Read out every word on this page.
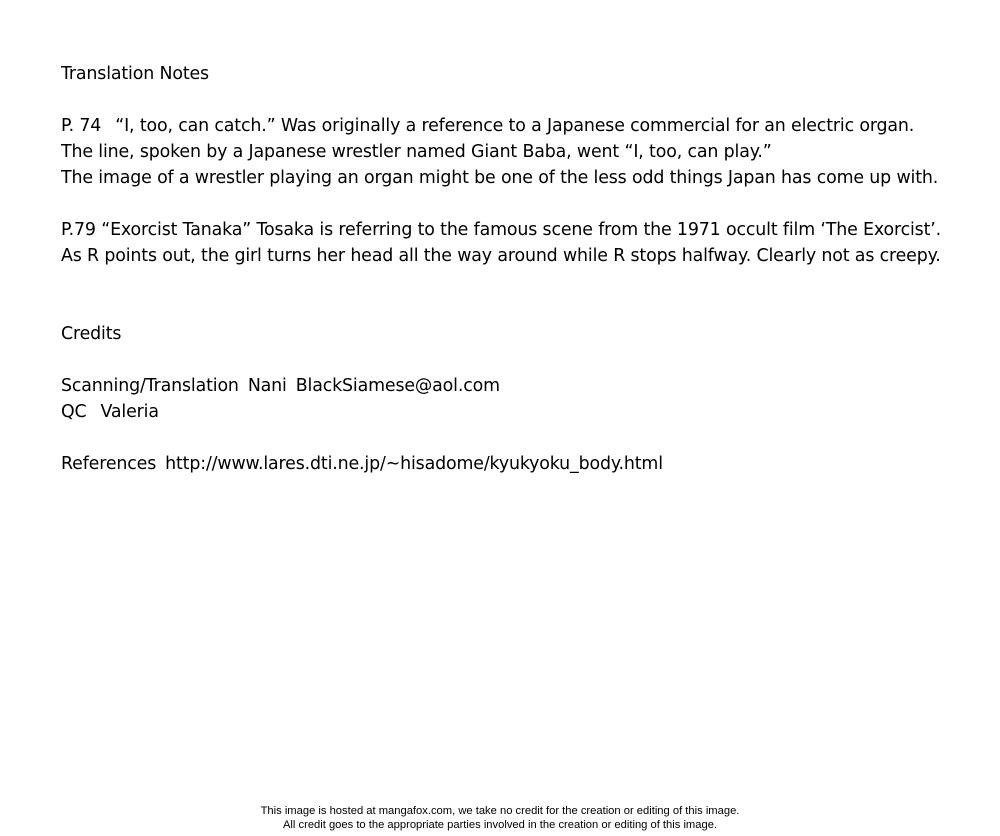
Translation Notes
P. 74 “I, too, can catch.” Was originally a reference to a Japanese commercial for an electric organ.
The line, spoken by a Japanese wrestler named Giant Baba, went “I, too, can play.”
The image of a wrestler playing an organ might be one of the less odd things Japan has come up with.
P.79 “Exorcist Tanaka” Tosaka is referring to the famous scene from the 1971 occult film ‘The Exorcist’.
As R points out, the girl turns her head all the way around while R stops halfway. Clearly not as creepy.
Credits
Scanning/Translation Nani BlackSiamese@aol.com
QC Valeria
References http://www.lares.dti.ne.jp/~hisadome/kyukyoku_body.html
This image is hosted at mangafox.com, we take no credit for the creation or editing of this image.
All credit goes to the appropriate parties involved in the creation or editing of this image.
